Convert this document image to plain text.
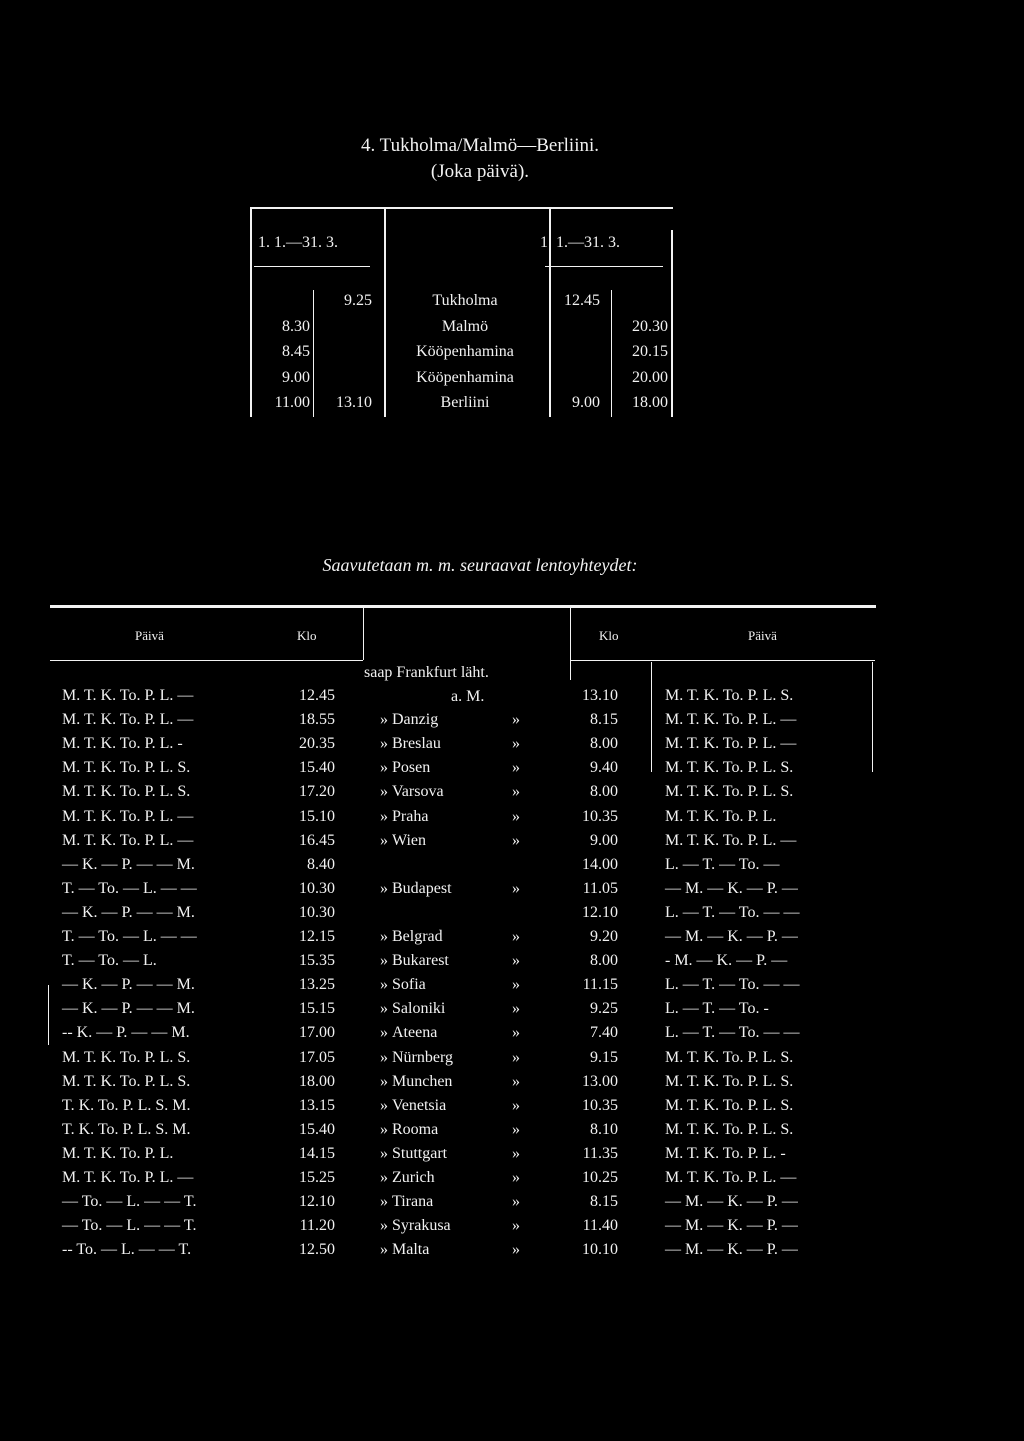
4. Tukholma/Malmö—Berliini.
(Joka päivä).
1. 1.—31. 3.	1. 1.—31. 3.
9.25	Tukholma	12.45
8.30	Malmö	20.30
8.45	Kööpenhamina	20.15
9.00	Kööpenhamina	20.00
11.00	13.10	Berliini	9.00	18.00
Saavutetaan m. m. seuraavat lentoyhteydet:
Päivä	Klo	Klo	Päivä
saap Frankfurt läht.
a. M.
M. T. K. To. P. L. —	12.45	13.10	M. T. K. To. P. L. S.
M. T. K. To. P. L. —	18.55	» Danzig	»	8.15	M. T. K. To. P. L. —
M. T. K. To. P. L. -	20.35	» Breslau	»	8.00	M. T. K. To. P. L. —
M. T. K. To. P. L. S.	15.40	» Posen	»	9.40	M. T. K. To. P. L. S.
M. T. K. To. P. L. S.	17.20	» Varsova	»	8.00	M. T. K. To. P. L. S.
M. T. K. To. P. L. —	15.10	» Praha	»	10.35	M. T. K. To. P. L.
M. T. K. To. P. L. —	16.45	» Wien	»	9.00	M. T. K. To. P. L. —
— K. — P. — — M.	8.40	14.00	L. — T. — To. —
T. — To. — L. — —	10.30	» Budapest	»	11.05	— M. — K. — P. —
— K. — P. — — M.	10.30	12.10	L. — T. — To. — —
T. — To. — L. — —	12.15	» Belgrad	»	9.20	— M. — K. — P. —
T. — To. — L.	15.35	» Bukarest	»	8.00	- M. — K. — P. —
— K. — P. — — M.	13.25	» Sofia	»	11.15	L. — T. — To. — —
— K. — P. — — M.	15.15	» Saloniki	»	9.25	L. — T. — To. -
-- K. — P. — — M.	17.00	» Ateena	»	7.40	L. — T. — To. — —
M. T. K. To. P. L. S.	17.05	» Nürnberg	»	9.15	M. T. K. To. P. L. S.
M. T. K. To. P. L. S.	18.00	» Munchen	»	13.00	M. T. K. To. P. L. S.
T. K. To. P. L. S. M.	13.15	» Venetsia	»	10.35	M. T. K. To. P. L. S.
T. K. To. P. L. S. M.	15.40	» Rooma	»	8.10	M. T. K. To. P. L. S.
M. T. K. To. P. L.	14.15	» Stuttgart	»	11.35	M. T. K. To. P. L. -
M. T. K. To. P. L. —	15.25	» Zurich	»	10.25	M. T. K. To. P. L. —
— To. — L. — — T.	12.10	» Tirana	»	8.15	— M. — K. — P. —
— To. — L. — — T.	11.20	» Syrakusa	»	11.40	— M. — K. — P. —
-- To. — L. — — T.	12.50	» Malta	»	10.10	— M. — K. — P. —
